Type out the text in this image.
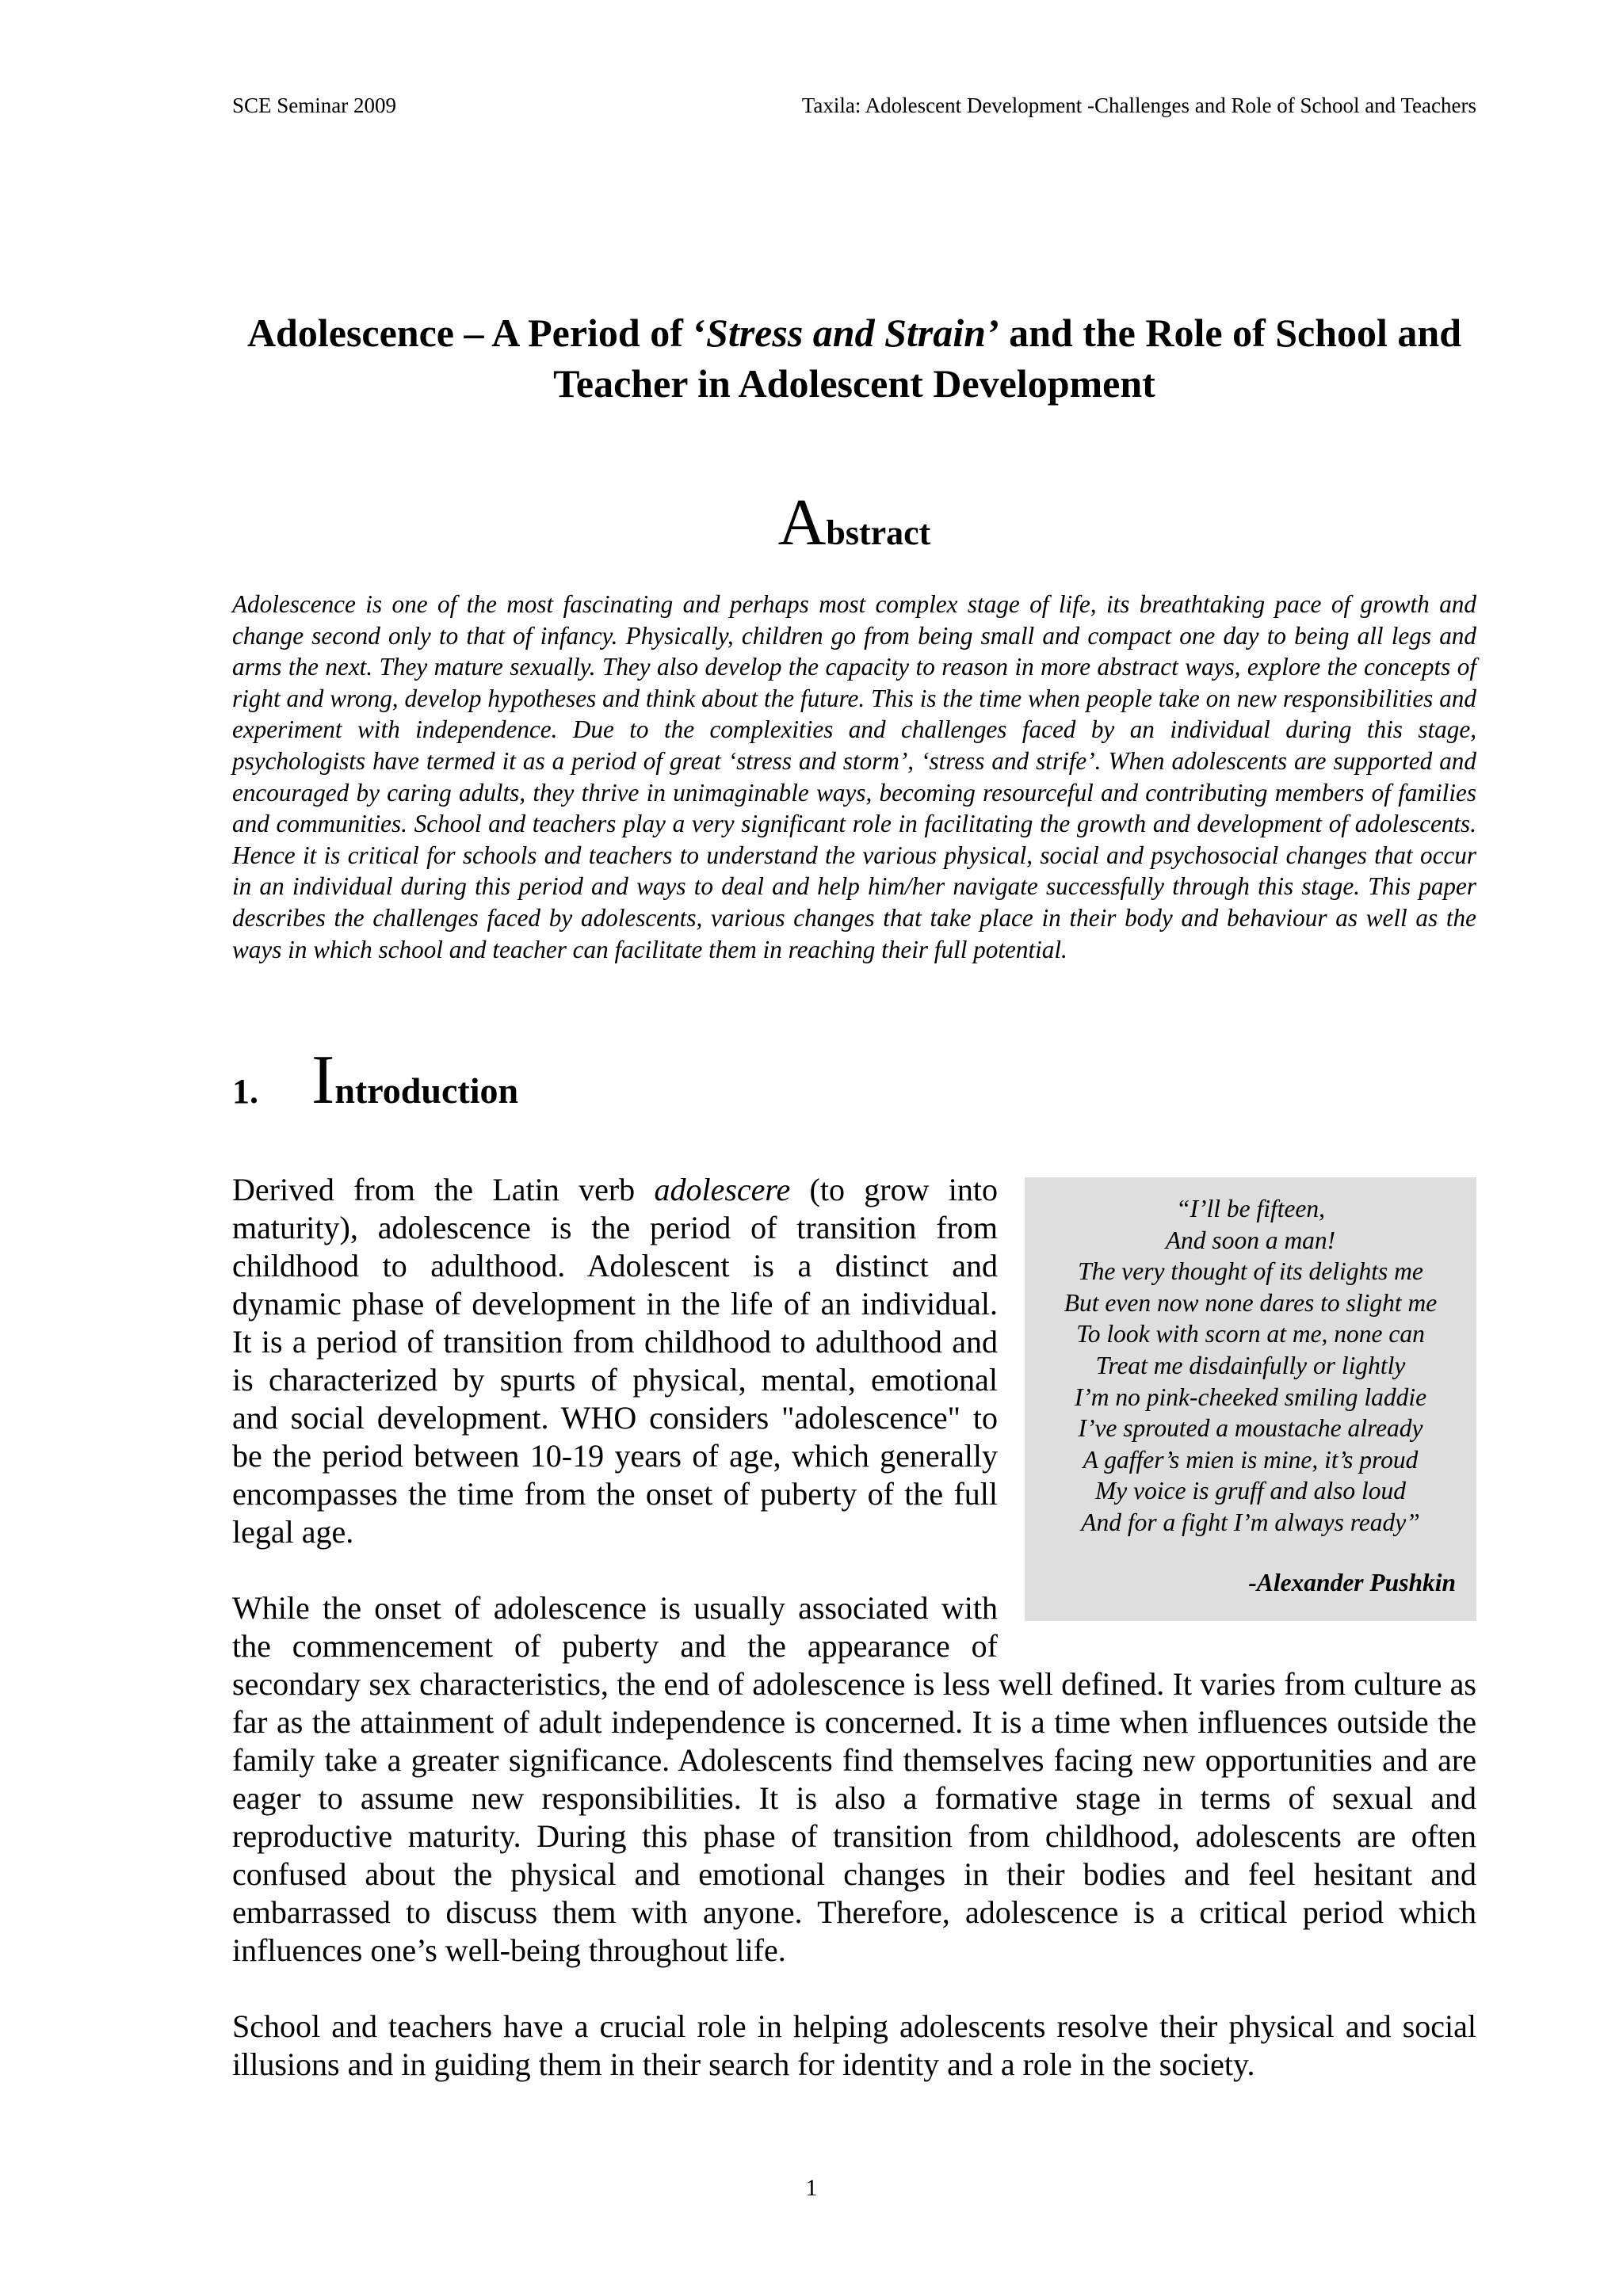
SCE Seminar 2009	Taxila: Adolescent Development -Challenges and Role of School and Teachers
Adolescence – A Period of ‘Stress and Strain’ and the Role of School and Teacher in Adolescent Development
Abstract

Adolescence is one of the most fascinating and perhaps most complex stage of life, its breathtaking pace of growth and change second only to that of infancy. Physically, children go from being small and compact one day to being all legs and arms the next. They mature sexually. They also develop the capacity to reason in more abstract ways, explore the concepts of right and wrong, develop hypotheses and think about the future. This is the time when people take on new responsibilities and experiment with independence. Due to the complexities and challenges faced by an individual during this stage, psychologists have termed it as a period of great ‘stress and storm’, ‘stress and strife’. When adolescents are supported and encouraged by caring adults, they thrive in unimaginable ways, becoming resourceful and contributing members of families and communities. School and teachers play a very significant role in facilitating the growth and development of adolescents. Hence it is critical for schools and teachers to understand the various physical, social and psychosocial changes that occur in an individual during this period and ways to deal and help him/her navigate successfully through this stage. This paper describes the challenges faced by adolescents, various changes that take place in their body and behaviour as well as the ways in which school and teacher can facilitate them in reaching their full potential.

1. Introduction
“I’ll be fifteen,
And soon a man!
The very thought of its delights me
But even now none dares to slight me
To look with scorn at me, none can
Treat me disdainfully or lightly
I’m no pink-cheeked smiling laddie
I’ve sprouted a moustache already
A gaffer’s mien is mine, it’s proud
My voice is gruff and also loud
And for a fight I’m always ready”
-Alexander Pushkin

Derived from the Latin verb adolescere (to grow into maturity), adolescence is the period of transition from childhood to adulthood. Adolescent is a distinct and dynamic phase of development in the life of an individual. It is a period of transition from childhood to adulthood and is characterized by spurts of physical, mental, emotional and social development. WHO considers "adolescence" to be the period between 10-19 years of age, which generally encompasses the time from the onset of puberty of the full legal age.

While the onset of adolescence is usually associated with the commencement of puberty and the appearance of secondary sex characteristics, the end of adolescence is less well defined. It varies from culture as far as the attainment of adult independence is concerned. It is a time when influences outside the family take a greater significance. Adolescents find themselves facing new opportunities and are eager to assume new responsibilities. It is also a formative stage in terms of sexual and reproductive maturity. During this phase of transition from childhood, adolescents are often confused about the physical and emotional changes in their bodies and feel hesitant and embarrassed to discuss them with anyone. Therefore, adolescence is a critical period which influences one’s well-being throughout life.

School and teachers have a crucial role in helping adolescents resolve their physical and social illusions and in guiding them in their search for identity and a role in the society.

1
